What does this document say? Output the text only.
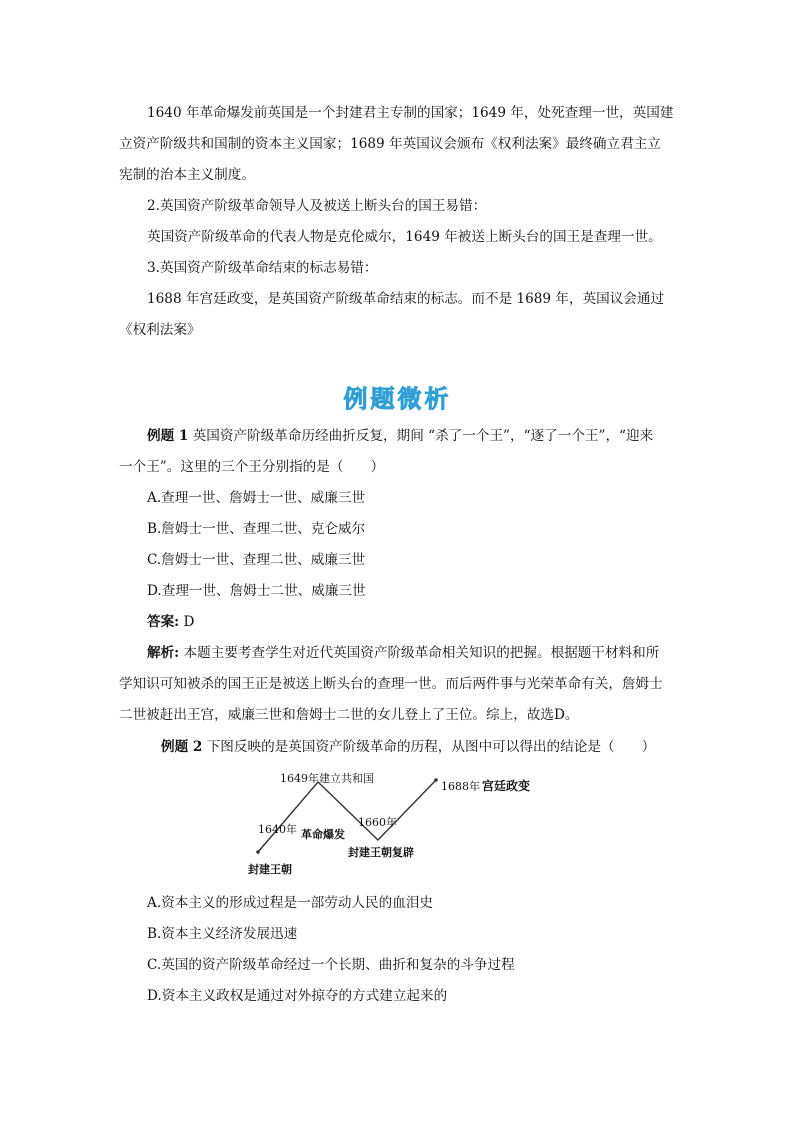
1640 年革命爆发前英国是一个封建君主专制的国家；1649 年，处死查理一世，英国建
立资产阶级共和国制的资本主义国家；1689 年英国议会颁布《权利法案》最终确立君主立
宪制的治本主义制度。
2.英国资产阶级革命领导人及被送上断头台的国王易错：
英国资产阶级革命的代表人物是克伦威尔，1649 年被送上断头台的国王是查理一世。
3.英国资产阶级革命结束的标志易错：
1688 年宫廷政变，是英国资产阶级革命结束的标志。而不是 1689 年，英国议会通过
《权利法案》
例题微析
例题 1 英国资产阶级革命历经曲折反复，期间 “杀了一个王”，“逐了一个王”，“迎来
一个王”。这里的三个王分别指的是（　　）
A.查理一世、詹姆士一世、威廉三世
B.詹姆士一世、查理二世、克仑威尔
C.詹姆士一世、查理二世、威廉三世
D.查理一世、詹姆士二世、威廉三世
答案: D
解析: 本题主要考查学生对近代英国资产阶级革命相关知识的把握。根据题干材料和所
学知识可知被杀的国王正是被送上断头台的查理一世。而后两件事与光荣革命有关，詹姆士
二世被赶出王宫，威廉三世和詹姆士二世的女儿登上了王位。综上，故选D。
例题 2 下图反映的是英国资产阶级革命的历程，从图中可以得出的结论是（　　）
1649年建立共和国
1640年 革命爆发
1660年
封建王朝复辟
封建王朝
1688年 宫廷政变
A.资本主义的形成过程是一部劳动人民的血泪史
B.资本主义经济发展迅速
C.英国的资产阶级革命经过一个长期、曲折和复杂的斗争过程
D.资本主义政权是通过对外掠夺的方式建立起来的
